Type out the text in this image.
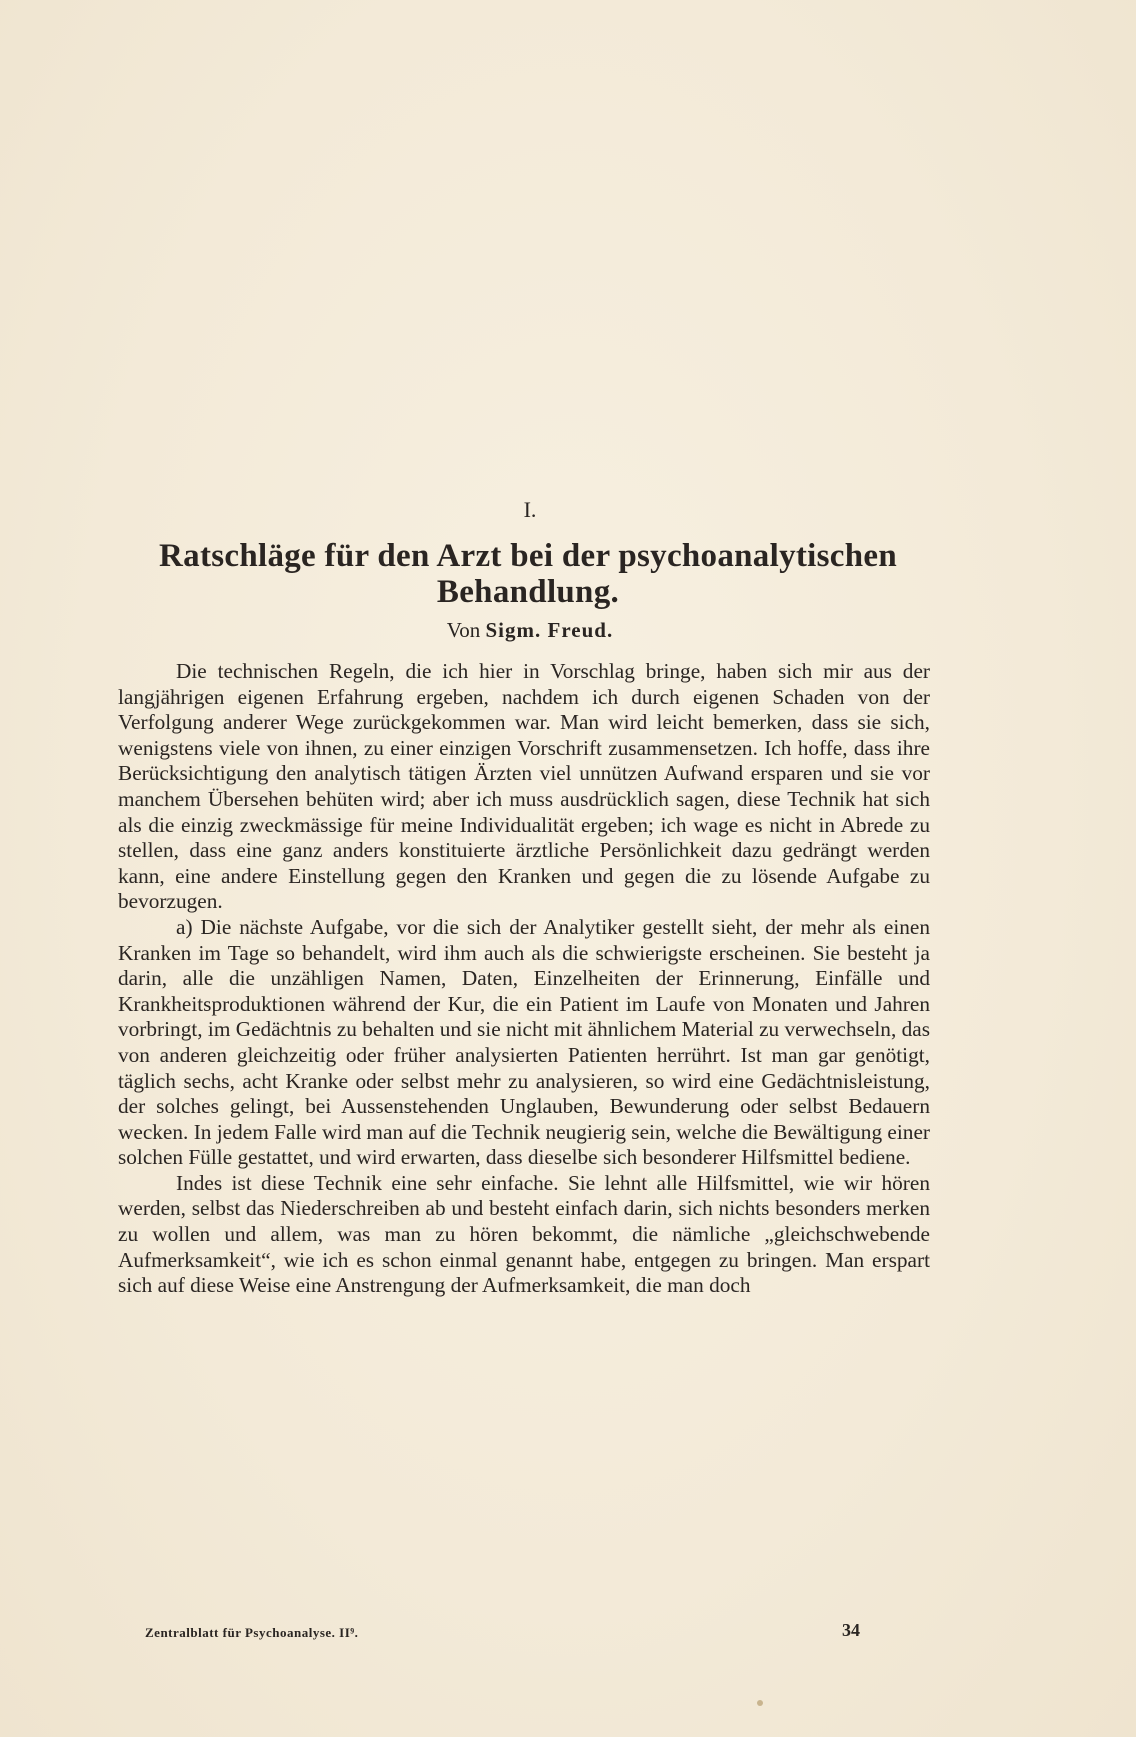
I.
Ratschläge für den Arzt bei der psychoanalytischen
Behandlung.
Von Sigm. Freud.

Die technischen Regeln, die ich hier in Vorschlag bringe, haben sich mir aus der langjährigen eigenen Erfahrung ergeben, nachdem ich durch eigenen Schaden von der Verfolgung anderer Wege zurückgekommen war. Man wird leicht bemerken, dass sie sich, wenigstens viele von ihnen, zu einer einzigen Vorschrift zusammensetzen. Ich hoffe, dass ihre Berücksichtigung den analytisch tätigen Ärzten viel unnützen Aufwand ersparen und sie vor manchem Übersehen behüten wird; aber ich muss ausdrücklich sagen, diese Technik hat sich als die einzig zweckmässige für meine Individualität ergeben; ich wage es nicht in Abrede zu stellen, dass eine ganz anders konstituierte ärztliche Persönlichkeit dazu gedrängt werden kann, eine andere Einstellung gegen den Kranken und gegen die zu lösende Aufgabe zu bevorzugen.

a) Die nächste Aufgabe, vor die sich der Analytiker gestellt sieht, der mehr als einen Kranken im Tage so behandelt, wird ihm auch als die schwierigste erscheinen. Sie besteht ja darin, alle die unzähligen Namen, Daten, Einzelheiten der Erinnerung, Einfälle und Krankheitsproduktionen während der Kur, die ein Patient im Laufe von Monaten und Jahren vorbringt, im Gedächtnis zu behalten und sie nicht mit ähnlichem Material zu verwechseln, das von anderen gleichzeitig oder früher analysierten Patienten herrührt. Ist man gar genötigt, täglich sechs, acht Kranke oder selbst mehr zu analysieren, so wird eine Gedächtnisleistung, der solches gelingt, bei Aussenstehenden Unglauben, Bewunderung oder selbst Bedauern wecken. In jedem Falle wird man auf die Technik neugierig sein, welche die Bewältigung einer solchen Fülle gestattet, und wird erwarten, dass dieselbe sich besonderer Hilfsmittel bediene.

Indes ist diese Technik eine sehr einfache. Sie lehnt alle Hilfsmittel, wie wir hören werden, selbst das Niederschreiben ab und besteht einfach darin, sich nichts besonders merken zu wollen und allem, was man zu hören bekommt, die nämliche „gleichschwebende Aufmerksamkeit“, wie ich es schon einmal genannt habe, entgegen zu bringen. Man erspart sich auf diese Weise eine Anstrengung der Aufmerksamkeit, die man doch

Zentralblatt für Psychoanalyse. II⁹.	34
